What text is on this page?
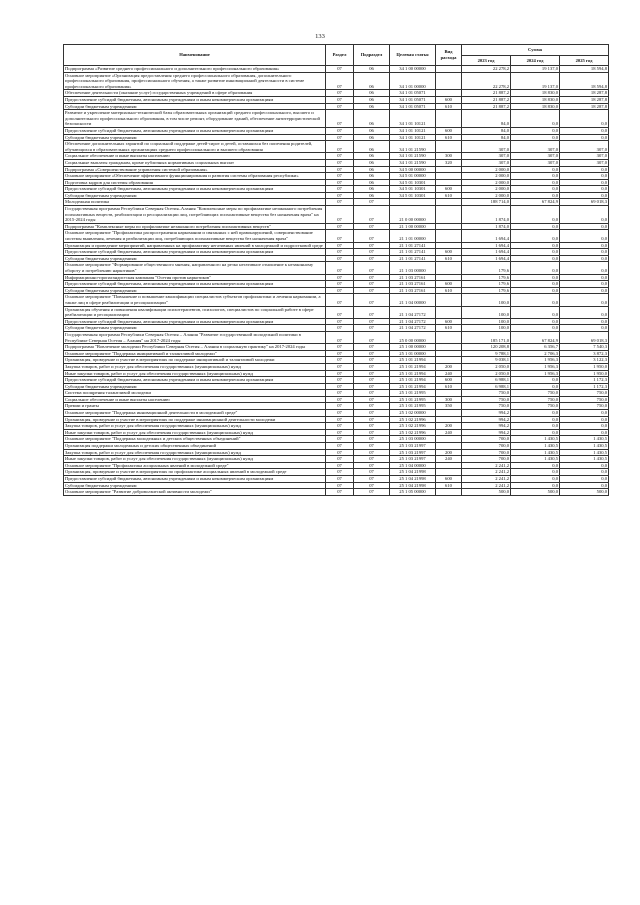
133
Наименование	Раздел	Подраздел	Целевая статья	Вид расхода	Сумма		
					2023 год	2024 год	2025 год
Подпрограмма «Развитие среднего профессионального и дополнительного профессионального образования»	07	06	34 1 00 00000		22 278,2	19 137,0	18 594,8
Основное мероприятие «Организация предоставления среднего профессионального образования, дополнительного профессионального образования, профессионального обучения, а также развитие инновационной деятельности в системе профессионального образования»	07	06	34 1 01 00000		22 278,2	19 137,0	18 594,8
Обеспечение деятельности (оказание услуг) государственных учреждений в сфере образования	07	06	34 1 01 05071		21 887,2	18 830,0	18 287,8
Предоставление субсидий бюджетным, автономным учреждениям и иным некоммерческим организациям	07	06	34 1 01 05071	600	21 887,2	18 830,0	18 287,8
Субсидии бюджетным учреждениям	07	06	34 1 01 05071	610	21 887,2	18 830,0	18 287,8
Развитие и укрепление материально-технической базы образовательных организаций среднего профессионального, высшего и дополнительного профессионального образования, в том числе ремонт, оборудование зданий, обеспечение антитеррористической безопасности	07	06	34 1 01 10121		84,0	0,0	0,0
Предоставление субсидий бюджетным, автономным учреждениям и иным некоммерческим организациям	07	06	34 1 01 10121	600	84,0	0,0	0,0
Субсидии бюджетным учреждениям	07	06	34 1 01 10121	610	84,0	0,0	0,0
Обеспечение дополнительных гарантий по социальной поддержке детей-сирот и детей, оставшихся без попечения родителей, обучающихся в образовательных организациях среднего профессионального и высшего образования	07	06	34 1 01 21590		307,0	307,0	307,0
Социальное обеспечение и иные выплаты населению	07	06	34 1 01 21590	300	307,0	307,0	307,0
Социальные выплаты гражданам, кроме публичных нормативных социальных выплат	07	06	34 1 01 21590	320	307,0	307,0	307,0
Подпрограмма «Совершенствование управления системой образования»	07	06	34 5 00 00000		2 000,0	0,0	0,0
Основное мероприятие «Обеспечение эффективного функционирования и развития системы образования республики»	07	06	34 5 01 00000		2 000,0	0,0	0,0
Подготовка кадров для системы образования	07	06	34 5 01 10301		2 000,0	0,0	0,0
Предоставление субсидий бюджетным, автономным учреждениям и иным некоммерческим организациям	07	06	34 5 01 10301	600	2 000,0	0,0	0,0
Субсидии бюджетным учреждениям	07	06	34 5 01 10301	610	2 000,0	0,0	0,0
Молодежная политика	07	07			188 714,0	67 824,9	69 018,3
Государственная программа Республики Северная Осетия–Алания "Комплексные меры по профилактике незаконного потребления психоактивных веществ, реабилитации и ресоциализации лиц, потребляющих психоактивные вещества без назначения врача" на 2015-2024 годы	07	07	21 0 00 00000		1 874,0	0,0	0,0
Подпрограмма "Комплексные меры по профилактике незаконного потребления психоактивных веществ"	07	07	21 1 00 00000		1 874,0	0,0	0,0
Основное мероприятие "Профилактика распространения наркомании и связанных с ней правонарушений, совершенствование системы выявления, лечения и реабилитации лиц, потребляющих психоактивные вещества без назначения врача"	07	07	21 1 01 00000		1 694,4	0,0	0,0
Организация и проведение мероприятий, направленных на профилактику негативных явлений в молодежной и подростковой среде	07	07	21 1 01 27141		1 694,4	0,0	0,0
Предоставление субсидий бюджетным, автономным учреждениям и иным некоммерческим организациям	07	07	21 1 01 27141	600	1 694,4	0,0	0,0
Субсидии бюджетным учреждениям	07	07	21 1 01 27141	610	1 694,4	0,0	0,0
Основное мероприятие "Формирование общественного мнения, направленного на резко негативное отношение к незаконному обороту и потреблению наркотиков"	07	07	21 1 03 00000		179,6	0,0	0,0
Информационно-пропагандистская кампания "Осетия против наркотиков"	07	07	21 1 03 27161		179,6	0,0	0,0
Предоставление субсидий бюджетным, автономным учреждениям и иным некоммерческим организациям	07	07	21 1 03 27161	600	179,6	0,0	0,0
Субсидии бюджетным учреждениям	07	07	21 1 03 27161	610	179,6	0,0	0,0
Основное мероприятие "Повышение и повышение квалификации специалистов субъектов профилактики и лечения наркомании, а также лиц в сфере реабилитации и ресоциализации"	07	07	21 1 04 00000		100,0	0,0	0,0
Организация обучения и повышения квалификации психотерапевтов, психологов, специалистов по социальной работе в сфере реабилитации и ресоциализации	07	07	21 1 04 27172		100,0	0,0	0,0
Предоставление субсидий бюджетным, автономным учреждениям и иным некоммерческим организациям	07	07	21 1 04 27172	600	100,0	0,0	0,0
Субсидии бюджетным учреждениям	07	07	21 1 04 27172	610	100,0	0,0	0,0
Государственная программа Республики Северная Осетия – Алания "Развитие государственной молодежной политики в Республике Северная Осетия – Алания" на 2017-2024 годы	07	07	25 0 00 00000		185 171,0	67 824,9	69 018,3
Подпрограмма "Вовлечение молодежи Республики Северная Осетия – Алания в социальную практику" на 2017-2024 годы	07	07	25 1 00 00000		120 208,8	6 356,7	7 540,3
Основное мероприятие "Поддержка инициативной и талантливой молодежи"	07	07	25 1 01 00000		9 788,1	2 706,3	3 872,3
Организация, проведение и участие в мероприятиях по поддержке инициативной и талантливой молодежи	07	07	25 1 01 21994		9 038,1	1 956,3	3 122,3
Закупка товаров, работ и услуг для обеспечения государственных (муниципальных) нужд	07	07	25 1 01 21994	200	2 050,0	1 956,3	1 950,0
Иные закупки товаров, работ и услуг для обеспечения государственных (муниципальных) нужд	07	07	25 1 01 21994	240	2 050,0	1 956,3	1 950,0
Предоставление субсидий бюджетным, автономным учреждениям и иным некоммерческим организациям	07	07	25 1 01 21994	600	6 988,1	0,0	1 172,3
Субсидии бюджетным учреждениям	07	07	25 1 01 21994	610	6 988,1	0,0	1 172,3
Система поощрения талантливой молодежи	07	07	25 1 01 21995		750,0	750,0	750,0
Социальное обеспечение и иные выплаты населению	07	07	25 1 01 21995	300	750,0	750,0	750,0
Премии и гранты	07	07	25 1 01 21995	350	750,0	750,0	750,0
Основное мероприятие "Поддержка инновационной деятельности в молодежной среде"	07	07	25 1 02 00000		994,2	0,0	0,0
Организация, проведение и участие в мероприятиях по поддержке инновационной деятельности молодежи	07	07	25 1 02 21996		994,2	0,0	0,0
Закупка товаров, работ и услуг для обеспечения государственных (муниципальных) нужд	07	07	25 1 02 21996	200	994,2	0,0	0,0
Иные закупки товаров, работ и услуг для обеспечения государственных (муниципальных) нужд	07	07	25 1 02 21996	240	994,2	0,0	0,0
Основное мероприятие "Поддержка молодежных и детских общественных объединений"	07	07	25 1 03 00000		700,0	1 430,5	1 430,5
Организация поддержки молодежных и детских общественных объединений	07	07	25 1 03 21997		700,0	1 430,5	1 430,5
Закупка товаров, работ и услуг для обеспечения государственных (муниципальных) нужд	07	07	25 1 03 21997	200	700,0	1 430,5	1 430,5
Иные закупки товаров, работ и услуг для обеспечения государственных (муниципальных) нужд	07	07	25 1 03 21997	240	700,0	1 430,5	1 430,5
Основное мероприятие "Профилактика асоциальных явлений в молодежной среде"	07	07	25 1 04 00000		2 241,2	0,0	0,0
Организация, проведение и участие в мероприятиях по профилактике асоциальных явлений в молодежной среде	07	07	25 1 04 21998		2 241,2	0,0	0,0
Предоставление субсидий бюджетным, автономным учреждениям и иным некоммерческим организациям	07	07	25 1 04 21998	600	2 241,2	0,0	0,0
Субсидии бюджетным учреждениям	07	07	25 1 04 21998	610	2 241,2	0,0	0,0
Основное мероприятие "Развитие добровольческой активности молодежи"	07	07	25 1 05 00000		500,0	500,0	500,0
